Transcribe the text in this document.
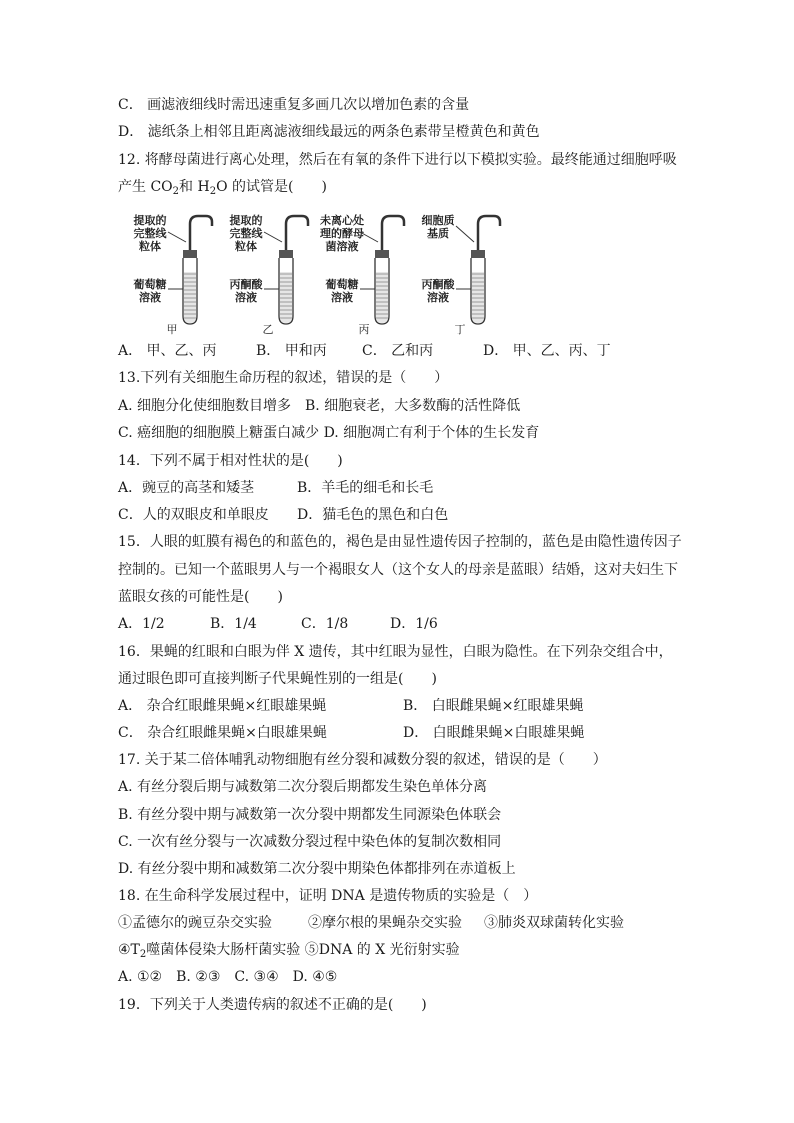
C． 画滤液细线时需迅速重复多画几次以增加色素的含量
D． 滤纸条上相邻且距离滤液细线最远的两条色素带呈橙黄色和黄色
12. 将酵母菌进行离心处理，然后在有氧的条件下进行以下模拟实验。最终能通过细胞呼吸
产生 $CO_2$和 $H_2O$ 的试管是(　　)
提取的
完整线
粒体
葡萄糖
溶液
甲
提取的
完整线
粒体
丙酮酸
溶液
乙
未离心处
理的酵母
菌溶液
葡萄糖
溶液
丙
细胞质
基质
丙酮酸
溶液
丁
A． 甲、乙、丙	B． 甲和丙	C． 乙和丙	D． 甲、乙、丙、丁
13.下列有关细胞生命历程的叙述，错误的是（　　）
A. 细胞分化使细胞数目增多　B. 细胞衰老，大多数酶的活性降低
C. 癌细胞的细胞膜上糖蛋白减少 D. 细胞凋亡有利于个体的生长发育
14．下列不属于相对性状的是(　　)
A．豌豆的高茎和矮茎	B．羊毛的细毛和长毛
C．人的双眼皮和单眼皮 D．猫毛色的黑色和白色
15．人眼的虹膜有褐色的和蓝色的，褐色是由显性遗传因子控制的，蓝色是由隐性遗传因子
控制的。已知一个蓝眼男人与一个褐眼女人（这个女人的母亲是蓝眼）结婚，这对夫妇生下
蓝眼女孩的可能性是(　　)
A．1/2	B．1/4	C．1/8	D．1/6
16．果蝇的红眼和白眼为伴 X 遗传，其中红眼为显性，白眼为隐性。在下列杂交组合中，
通过眼色即可直接判断子代果蝇性别的一组是(　　)
A． 杂合红眼雌果蝇×红眼雄果蝇	B． 白眼雌果蝇×红眼雄果蝇
C． 杂合红眼雌果蝇×白眼雄果蝇	D． 白眼雌果蝇×白眼雄果蝇
17. 关于某二倍体哺乳动物细胞有丝分裂和减数分裂的叙述，错误的是（　　）
A. 有丝分裂后期与减数第二次分裂后期都发生染色单体分离
B. 有丝分裂中期与减数第一次分裂中期都发生同源染色体联会
C. 一次有丝分裂与一次减数分裂过程中染色体的复制次数相同
D. 有丝分裂中期和减数第二次分裂中期染色体都排列在赤道板上
18. 在生命科学发展过程中，证明 DNA 是遗传物质的实验是（　）
①孟德尔的豌豆杂交实验	②摩尔根的果蝇杂交实验 ③肺炎双球菌转化实验
$④T_2$噬菌体侵染大肠杆菌实验 ⑤DNA 的 X 光衍射实验
A. ①②　B. ②③　C. ③④　D. ④⑤
19．下列关于人类遗传病的叙述不正确的是(　　)
